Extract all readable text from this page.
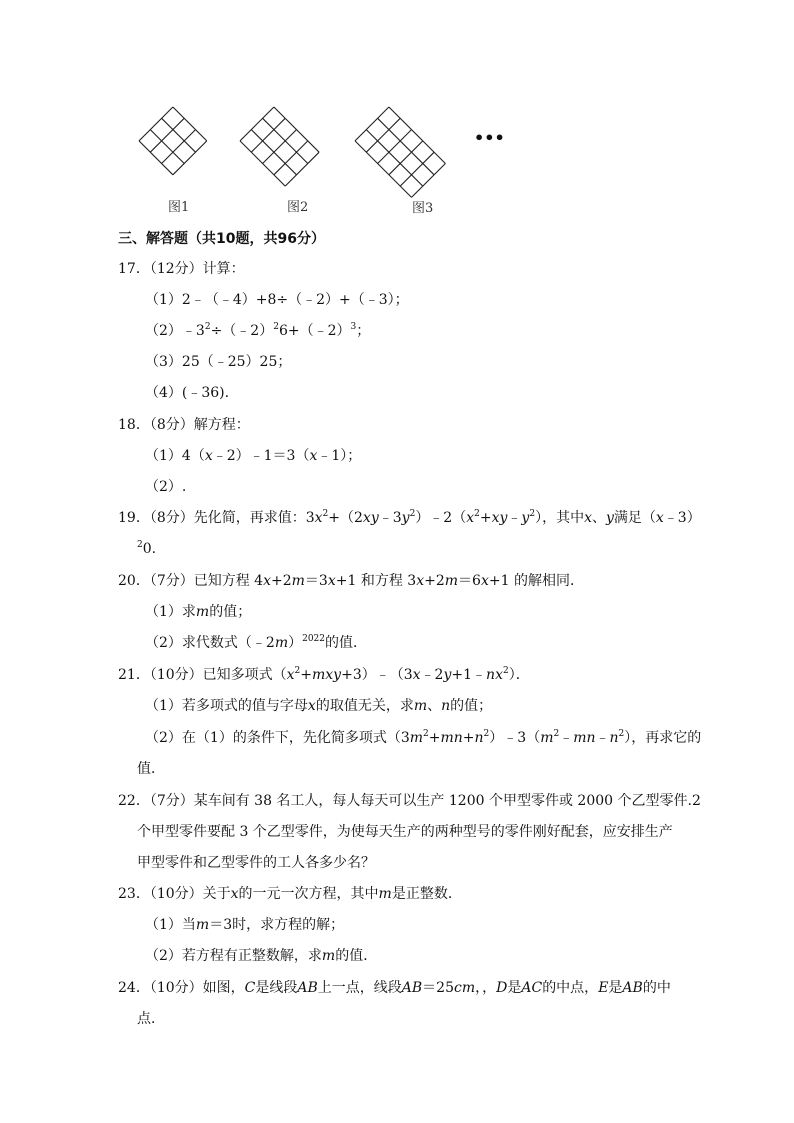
图1	图2	图3
•••
三、解答题（共10题，共96分）
17．（12分）计算：
（1）2﹣（﹣4）+8÷（﹣2）+（﹣3）；
$(2)﹣3^2\div(﹣2)^26+(﹣2)^3$；
（3）25（﹣25）25；
（4）(﹣36).
18．（8分）解方程：
（1）4（x﹣2）﹣1＝3（x﹣1）；
（2）.
19．（8分）先化简，再求值：$3x^2+(2xy﹣3y^2)﹣2(x^2+xy﹣y^2)$，其中x、y满足（x﹣3）
$^2$0.
20．（7分）已知方程 4x+2m＝3x+1 和方程 3x+2m＝6x+1 的解相同．
（1）求m的值；
（2）求代数式（﹣2m）$^{2022}$的值．
21．（10分）已知多项式$(x^2+mxy+3)﹣(3x﹣2y+1﹣nx^2)$．
（1）若多项式的值与字母x的取值无关，求m、n的值；
（2）在（1）的条件下，先化简多项式$(3m^2+mn+n^2)﹣3(m^2﹣mn﹣n^2)$，再求它的
值．
22．（7分）某车间有 38 名工人，每人每天可以生产 1200 个甲型零件或 2000 个乙型零件.2
个甲型零件要配 3 个乙型零件，为使每天生产的两种型号的零件刚好配套，应安排生产
甲型零件和乙型零件的工人各多少名？
23．（10分）关于x的一元一次方程，其中m是正整数．
（1）当m＝3时，求方程的解；
（2）若方程有正整数解，求m的值．
24．（10分）如图，C是线段AB上一点，线段AB＝25cm，，D是AC的中点，E是AB的中
点．
